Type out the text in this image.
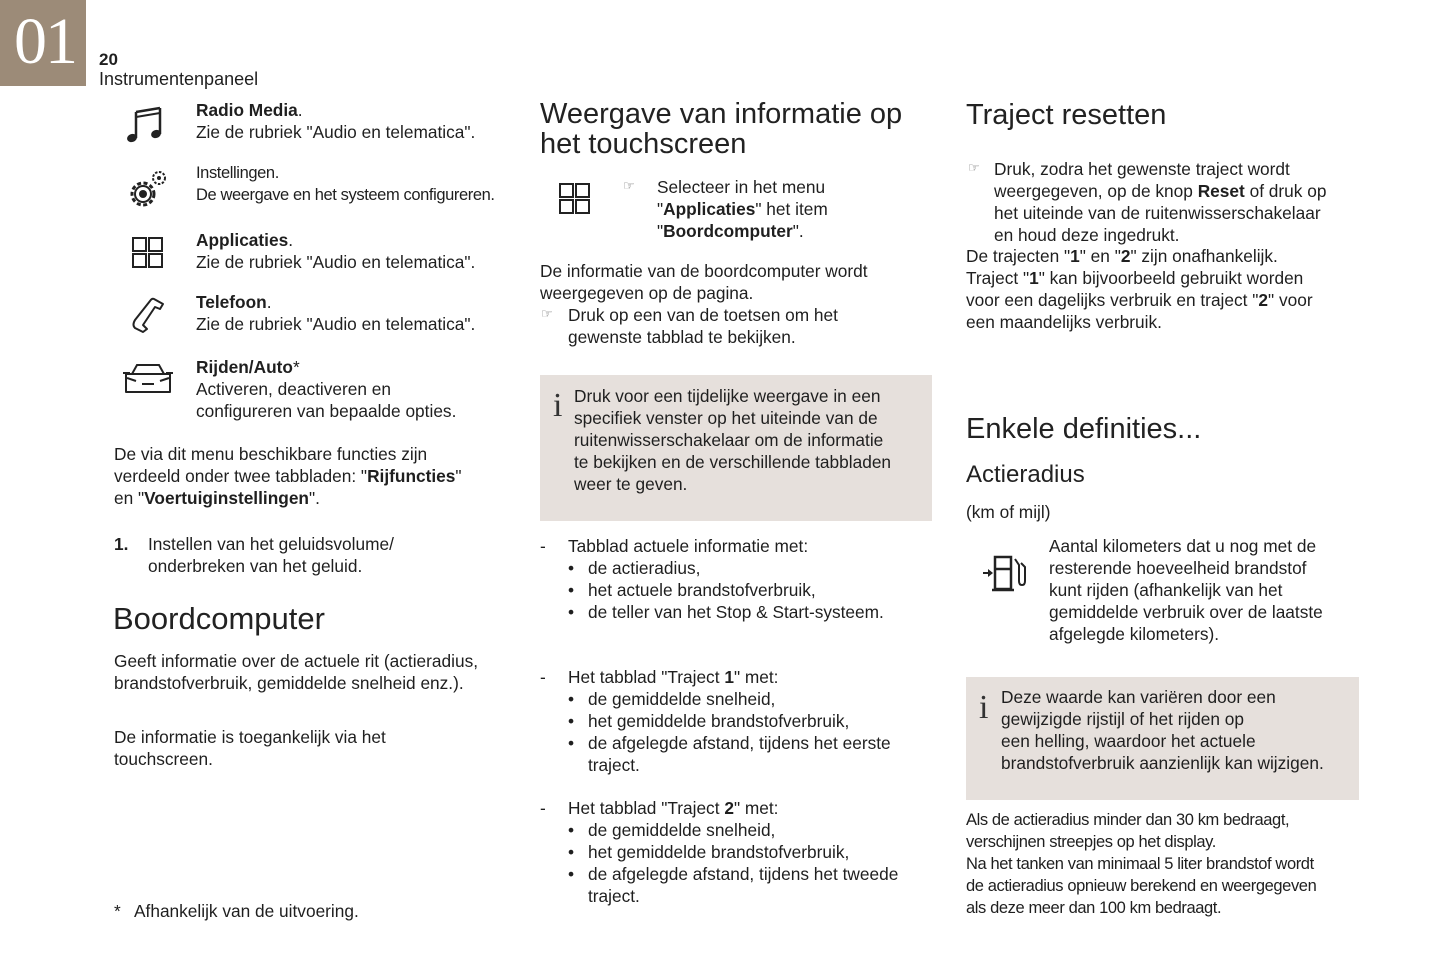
01 20
Instrumentenpaneel
Radio Media.
Zie de rubriek "Audio en telematica".
Instellingen.
De weergave en het systeem configureren.
Applicaties.
Zie de rubriek "Audio en telematica".
Telefoon.
Zie de rubriek "Audio en telematica".
Rijden/Auto*
Activeren, deactiveren en
configureren van bepaalde opties.
De via dit menu beschikbare functies zijn
verdeeld onder twee tabbladen: "Rijfuncties"
en "Voertuiginstellingen".
1. Instellen van het geluidsvolume/
onderbreken van het geluid.
Boordcomputer
Geeft informatie over de actuele rit (actieradius,
brandstofverbruik, gemiddelde snelheid enz.).
De informatie is toegankelijk via het
touchscreen.
* Afhankelijk van de uitvoering.
Weergave van informatie op
het touchscreen
☞ Selecteer in het menu
"Applicaties" het item
"Boordcomputer".
De informatie van de boordcomputer wordt
weergegeven op de pagina.
☞ Druk op een van de toetsen om het
gewenste tabblad te bekijken.
i Druk voor een tijdelijke weergave in een
specifiek venster op het uiteinde van de
ruitenwisserschakelaar om de informatie
te bekijken en de verschillende tabbladen
weer te geven.
- Tabblad actuele informatie met:
• de actieradius,
• het actuele brandstofverbruik,
• de teller van het Stop & Start-systeem.
- Het tabblad "Traject 1" met:
• de gemiddelde snelheid,
• het gemiddelde brandstofverbruik,
• de afgelegde afstand, tijdens het eerste
traject.
- Het tabblad "Traject 2" met:
• de gemiddelde snelheid,
• het gemiddelde brandstofverbruik,
• de afgelegde afstand, tijdens het tweede
traject.
Traject resetten
☞ Druk, zodra het gewenste traject wordt
weergegeven, op de knop Reset of druk op
het uiteinde van de ruitenwisserschakelaar
en houd deze ingedrukt.
De trajecten "1" en "2" zijn onafhankelijk.
Traject "1" kan bijvoorbeeld gebruikt worden
voor een dagelijks verbruik en traject "2" voor
een maandelijks verbruik.
Enkele definities...
Actieradius
(km of mijl)
Aantal kilometers dat u nog met de
resterende hoeveelheid brandstof
kunt rijden (afhankelijk van het
gemiddelde verbruik over de laatste
afgelegde kilometers).
i Deze waarde kan variëren door een
gewijzigde rijstijl of het rijden op
een helling, waardoor het actuele
brandstofverbruik aanzienlijk kan wijzigen.
Als de actieradius minder dan 30 km bedraagt,
verschijnen streepjes op het display.
Na het tanken van minimaal 5 liter brandstof wordt
de actieradius opnieuw berekend en weergegeven
als deze meer dan 100 km bedraagt.
